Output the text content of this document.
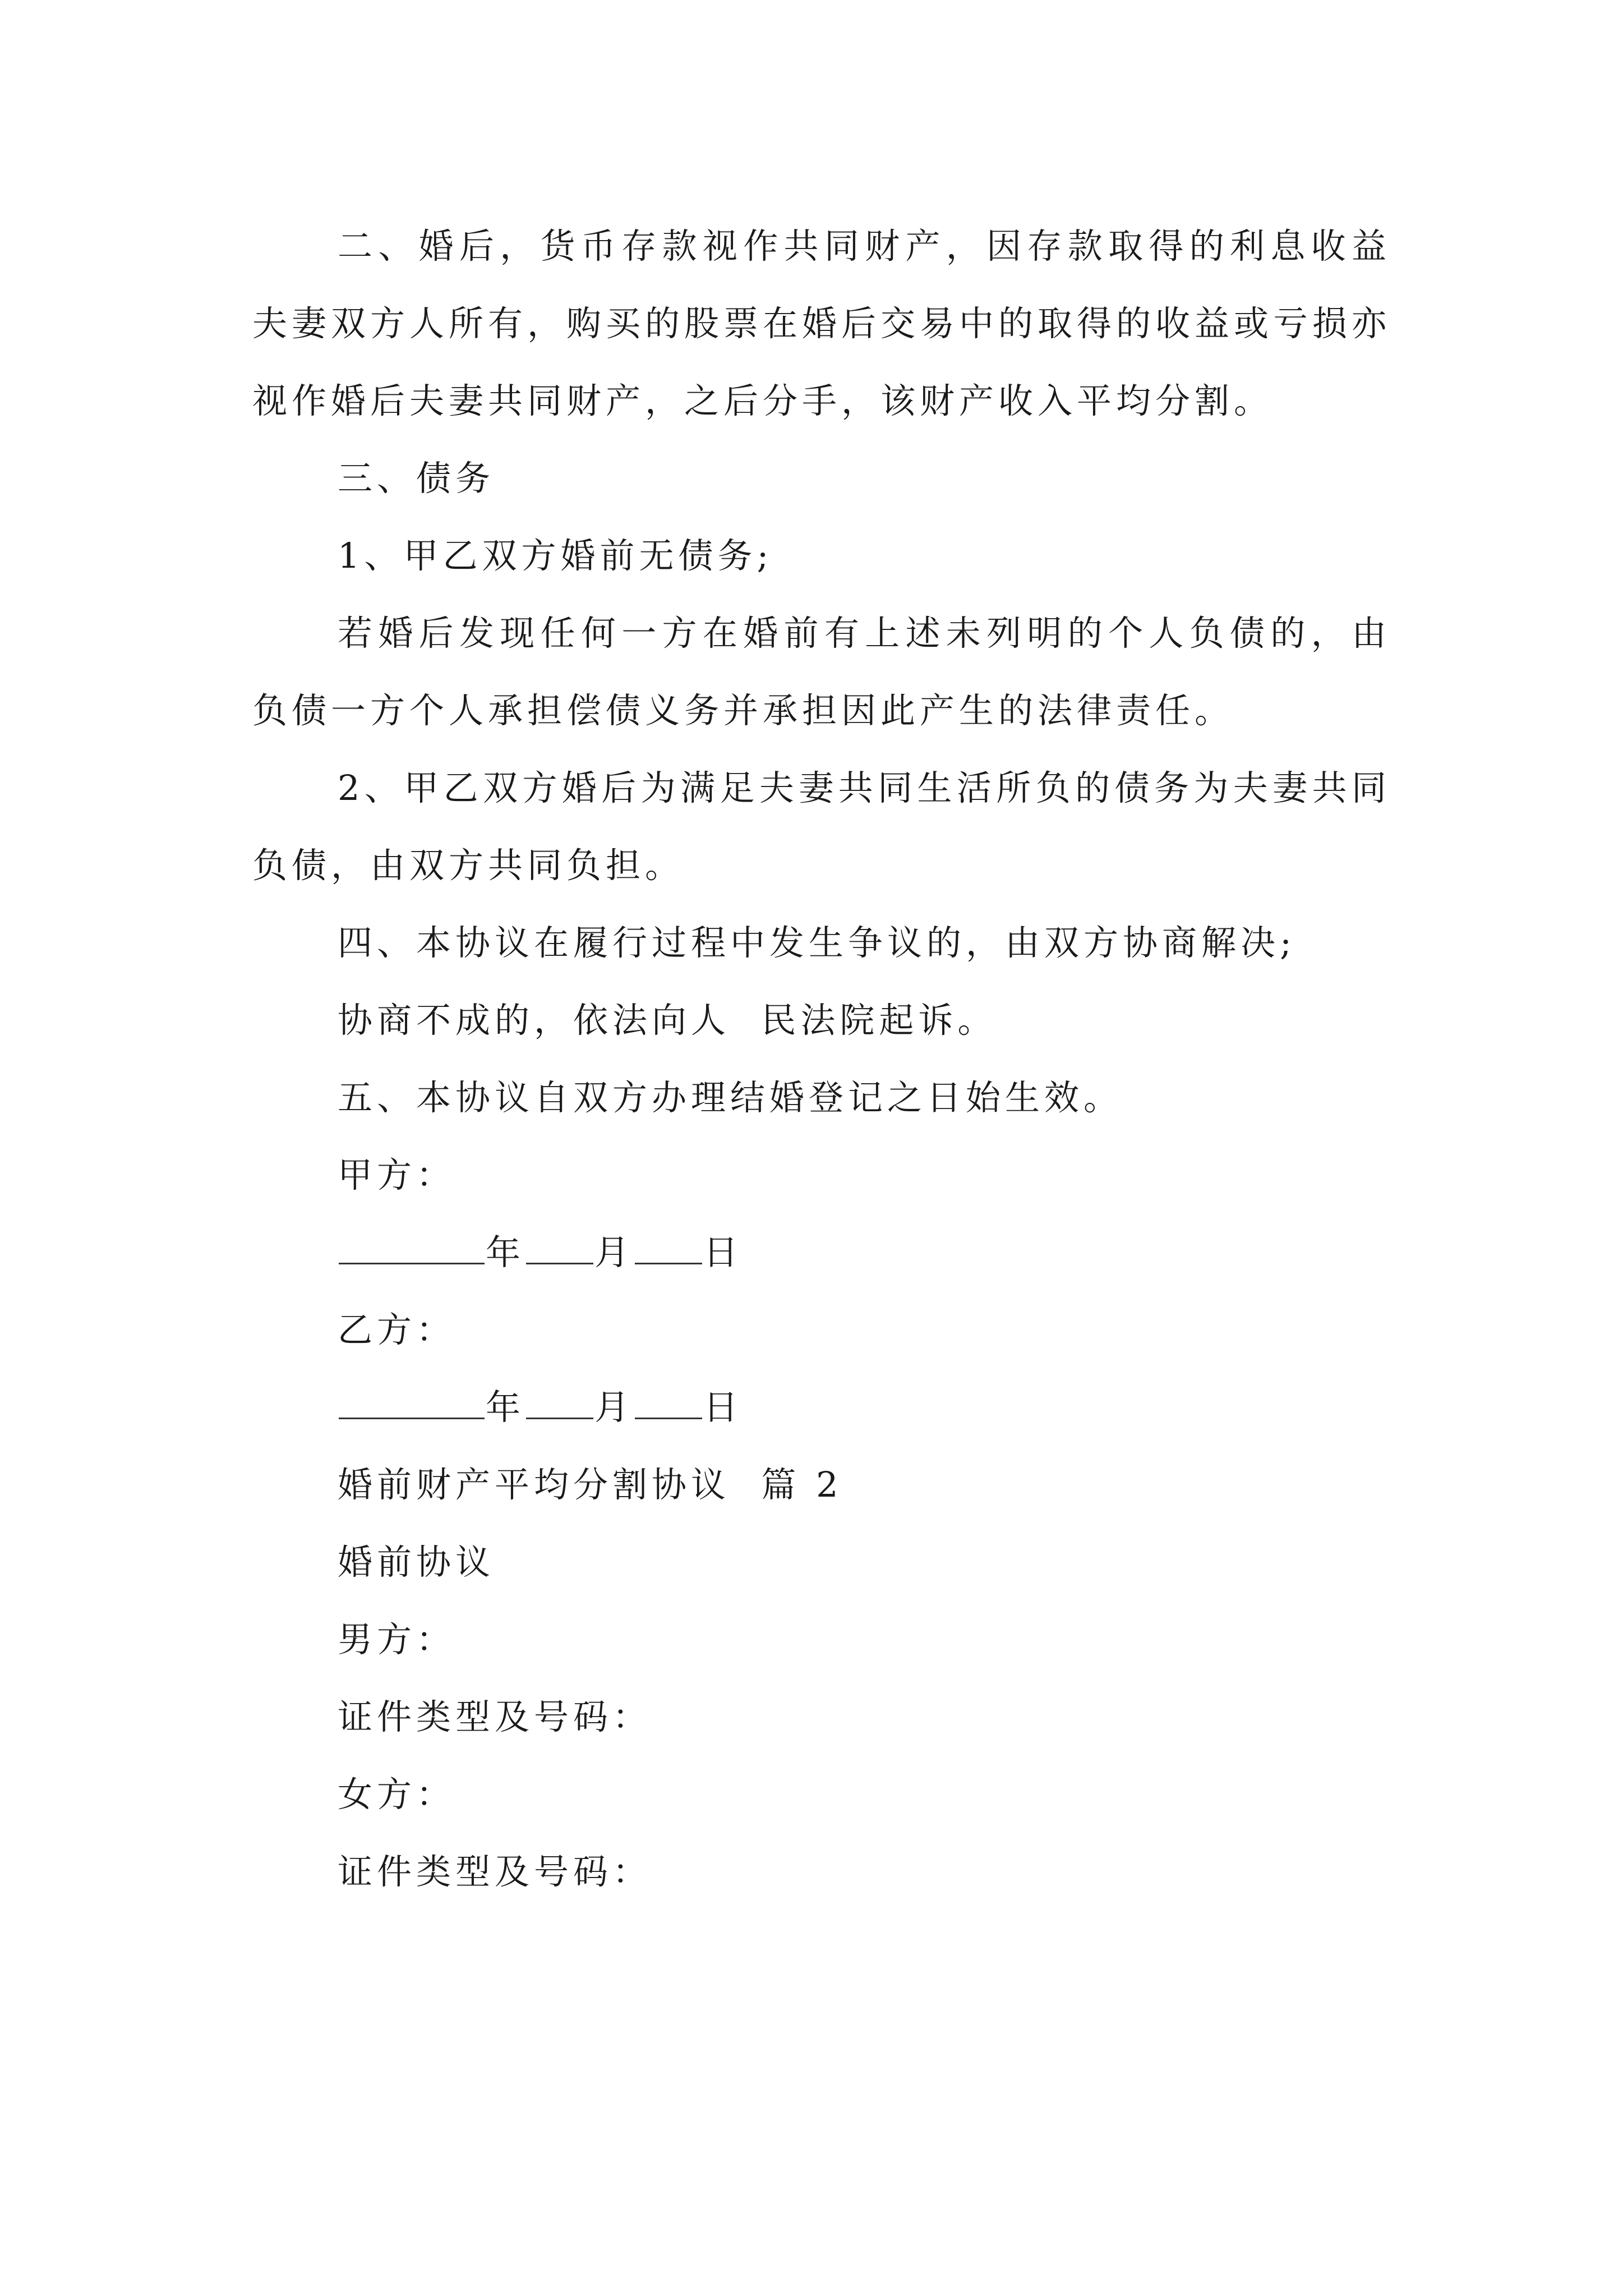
二、婚后，货币存款视作共同财产，因存款取得的利息收益夫妻双方人所有，购买的股票在婚后交易中的取得的收益或亏损亦视作婚后夫妻共同财产，之后分手，该财产收入平均分割。

三、债务

1、甲乙双方婚前无债务;

若婚后发现任何一方在婚前有上述未列明的个人负债的，由负债一方个人承担偿债义务并承担因此产生的法律责任。

2、甲乙双方婚后为满足夫妻共同生活所负的债务为夫妻共同负债，由双方共同负担。

四、本协议在履行过程中发生争议的，由双方协商解决;

协商不成的，依法向人  民法院起诉。

五、本协议自双方办理结婚登记之日始生效。

甲方：

年 月 日

乙方：

年 月 日

婚前财产平均分割协议  篇 2

婚前协议

男方：

证件类型及号码：

女方：

证件类型及号码：
